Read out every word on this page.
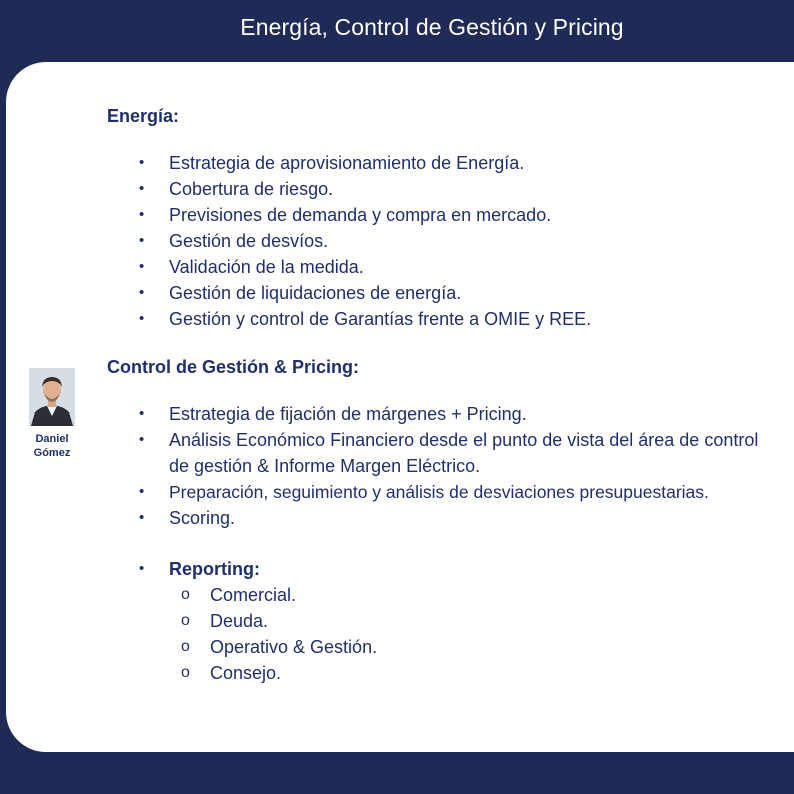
Energía, Control de Gestión y Pricing
Daniel
Gómez
Energía:
• Estrategia de aprovisionamiento de Energía.
• Cobertura de riesgo.
• Previsiones de demanda y compra en mercado.
• Gestión de desvíos.
• Validación de la medida.
• Gestión de liquidaciones de energía.
• Gestión y control de Garantías frente a OMIE y REE.
Control de Gestión & Pricing:
• Estrategia de fijación de márgenes + Pricing.
• Análisis Económico Financiero desde el punto de vista del área de control de gestión & Informe Margen Eléctrico.
• Preparación, seguimiento y análisis de desviaciones presupuestarias.
• Scoring.
• Reporting:
o Comercial.
o Deuda.
o Operativo & Gestión.
o Consejo.
